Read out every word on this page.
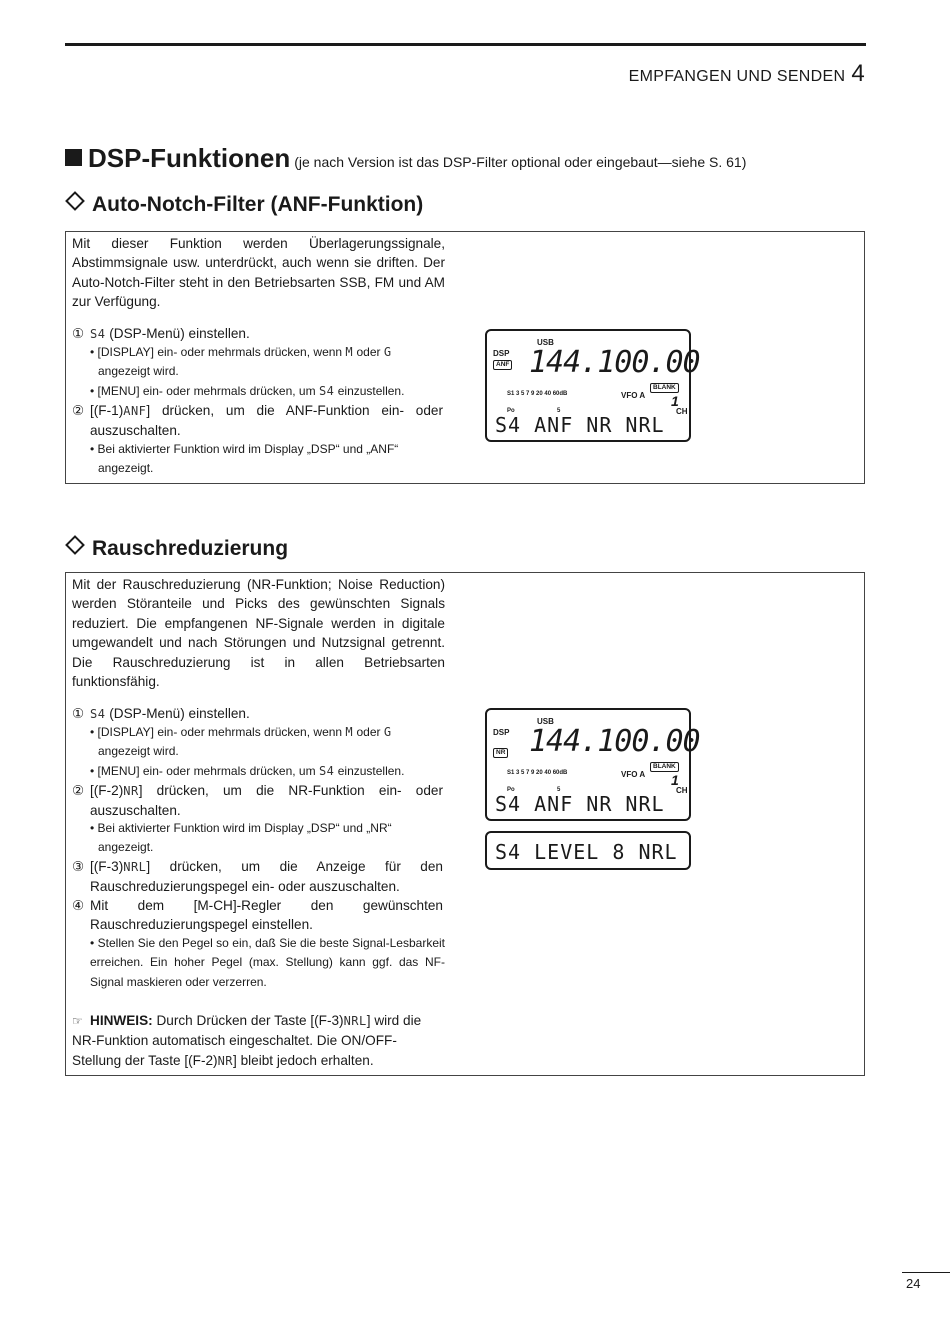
EMPFANGEN UND SENDEN 4
DSP-Funktionen (je nach Version ist das DSP-Filter optional oder eingebaut—siehe S. 61)
Auto-Notch-Filter (ANF-Funktion)
Mit dieser Funktion werden Überlagerungssignale, Abstimmsignale usw. unterdrückt, auch wenn sie driften. Der Auto-Notch-Filter steht in den Betriebsarten SSB, FM und AM zur Verfügung.
① S4 (DSP-Menü) einstellen.
• [DISPLAY] ein- oder mehrmals drücken, wenn M oder G
angezeigt wird.
• [MENU] ein- oder mehrmals drücken, um S4 einzustellen.
② [(F-1)ANF] drücken, um die ANF-Funktion ein- oder auszuschalten.
• Bei aktivierter Funktion wird im Display „DSP“ und „ANF“
angezeigt.
USB
DSP
ANF 144.100.00
BLANK
S1 3 5 7 9 20 40 60dB	VFO A 1
CH
Po	5
S4 ANF NR NRL
Rauschreduzierung
Mit der Rauschreduzierung (NR-Funktion; Noise Reduction) werden Störanteile und Picks des gewünschten Signals reduziert. Die empfangenen NF-Signale werden in digitale umgewandelt und nach Störungen und Nutzsignal getrennt. Die Rauschreduzierung ist in allen Betriebsarten funktionsfähig.
① S4 (DSP-Menü) einstellen.
• [DISPLAY] ein- oder mehrmals drücken, wenn M oder G
angezeigt wird.
• [MENU] ein- oder mehrmals drücken, um S4 einzustellen.
② [(F-2)NR] drücken, um die NR-Funktion ein- oder auszuschalten.
• Bei aktivierter Funktion wird im Display „DSP“ und „NR“
angezeigt.
③ [(F-3)NRL] drücken, um die Anzeige für den Rauschreduzierungspegel ein- oder auszuschalten.
④ Mit dem [M-CH]-Regler den gewünschten Rauschreduzierungspegel einstellen.
• Stellen Sie den Pegel so ein, daß Sie die beste Signal-Lesbarkeit erreichen. Ein hoher Pegel (max. Stellung) kann ggf. das NF-Signal maskieren oder verzerren.
☞ HINWEIS: Durch Drücken der Taste [(F-3)NRL] wird die NR-Funktion automatisch eingeschaltet. Die ON/OFF-Stellung der Taste [(F-2)NR] bleibt jedoch erhalten.
USB
DSP
NR 144.100.00
BLANK
S1 3 5 7 9 20 40 60dB	VFO A 1
CH
Po	5
S4 ANF NR NRL
S4 LEVEL 8 NRL
24
